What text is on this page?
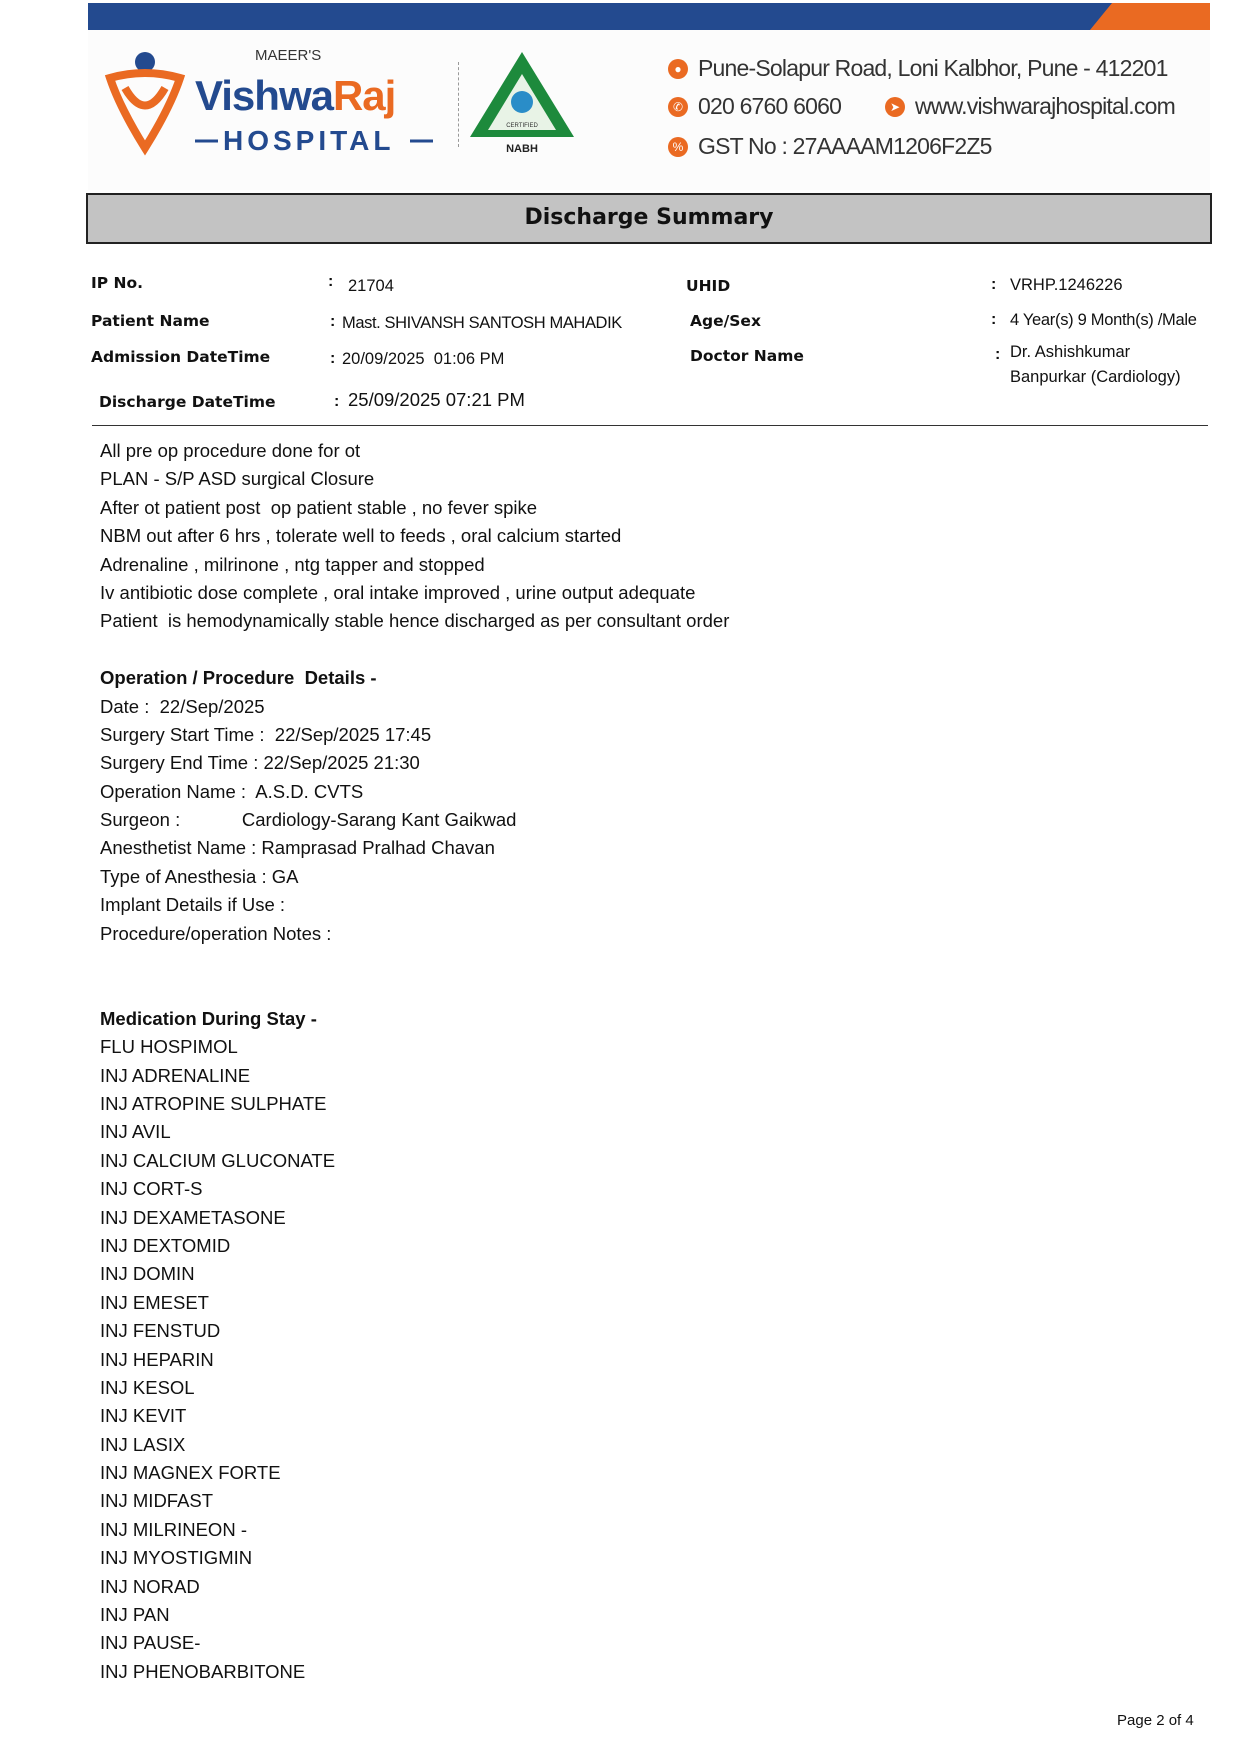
MAEER'S
VishwaRaj
HOSPITAL	CERTIFIED
NABH
● Pune-Solapur Road, Loni Kalbhor, Pune - 412201
✆ 020 6760 6060	➤ www.vishwarajhospital.com
% GST No : 27AAAAM1206F2Z5
Discharge Summary
IP No.	: 21704	UHID	: VRHP.1246226
Patient Name	: Mast. SHIVANSH SANTOSH MAHADIK	Age/Sex	: 4 Year(s) 9 Month(s) /Male
Admission DateTime	: 20/09/2025  01:06 PM	Doctor Name	: Dr. Ashishkumar
Banpurkar (Cardiology)
Discharge DateTime	: 25/09/2025 07:21 PM
All pre op procedure done for ot
PLAN - S/P ASD surgical Closure
After ot patient post  op patient stable , no fever spike
NBM out after 6 hrs , tolerate well to feeds , oral calcium started
Adrenaline , milrinone , ntg tapper and stopped
Iv antibiotic dose complete , oral intake improved , urine output adequate
Patient  is hemodynamically stable hence discharged as per consultant order
Operation / Procedure  Details -
Date :  22/Sep/2025
Surgery Start Time :  22/Sep/2025 17:45
Surgery End Time : 22/Sep/2025 21:30
Operation Name :  A.S.D. CVTS
Surgeon :            Cardiology-Sarang Kant Gaikwad
Anesthetist Name : Ramprasad Pralhad Chavan
Type of Anesthesia : GA
Implant Details if Use :
Procedure/operation Notes :
Medication During Stay -
FLU HOSPIMOL
INJ ADRENALINE
INJ ATROPINE SULPHATE
INJ AVIL
INJ CALCIUM GLUCONATE
INJ CORT-S
INJ DEXAMETASONE
INJ DEXTOMID
INJ DOMIN
INJ EMESET
INJ FENSTUD
INJ HEPARIN
INJ KESOL
INJ KEVIT
INJ LASIX
INJ MAGNEX FORTE
INJ MIDFAST
INJ MILRINEON -
INJ MYOSTIGMIN
INJ NORAD
INJ PAN
INJ PAUSE-
INJ PHENOBARBITONE
Page 2 of 4
